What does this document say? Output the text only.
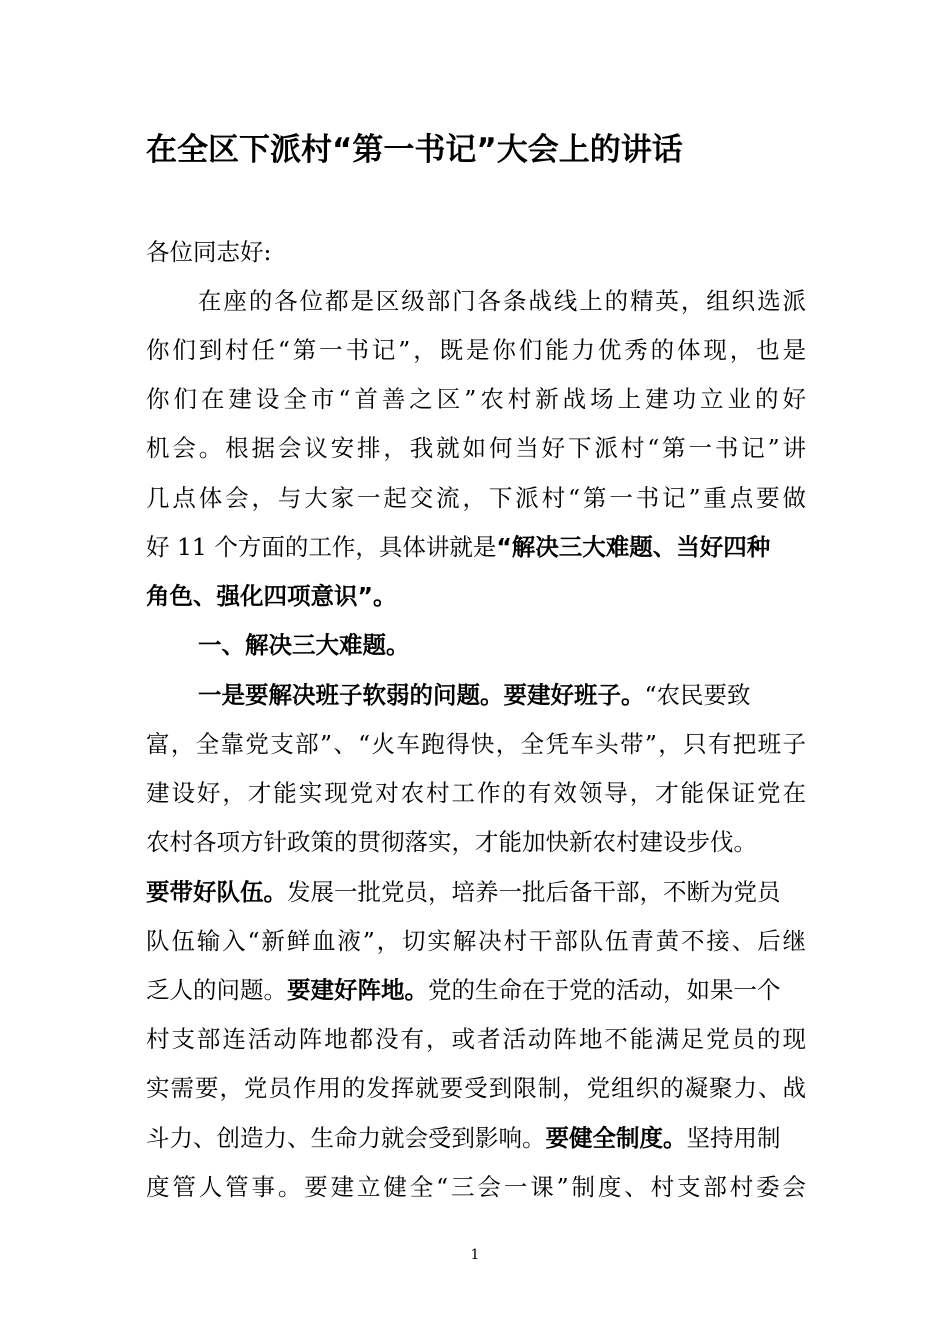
在全区下派村“第一书记”大会上的讲话
各位同志好:
在座的各位都是区级部门各条战线上的精英，组织选派
你们到村任“第一书记”，既是你们能力优秀的体现，也是
你们在建设全市“首善之区”农村新战场上建功立业的好
机会。根据会议安排，我就如何当好下派村“第一书记”讲
几点体会，与大家一起交流，下派村“第一书记”重点要做
好 11 个方面的工作，具体讲就是“解决三大难题、当好四种
角色、强化四项意识”。
一、解决三大难题。
一是要解决班子软弱的问题。要建好班子。“农民要致
富，全靠党支部”、“火车跑得快，全凭车头带”，只有把班子
建设好，才能实现党对农村工作的有效领导，才能保证党在
农村各项方针政策的贯彻落实，才能加快新农村建设步伐。
要带好队伍。发展一批党员，培养一批后备干部，不断为党员
队伍输入“新鲜血液”，切实解决村干部队伍青黄不接、后继
乏人的问题。要建好阵地。党的生命在于党的活动，如果一个
村支部连活动阵地都没有，或者活动阵地不能满足党员的现
实需要，党员作用的发挥就要受到限制，党组织的凝聚力、战
斗力、创造力、生命力就会受到影响。要健全制度。坚持用制
度管人管事。要建立健全“三会一课”制度、村支部村委会
1
